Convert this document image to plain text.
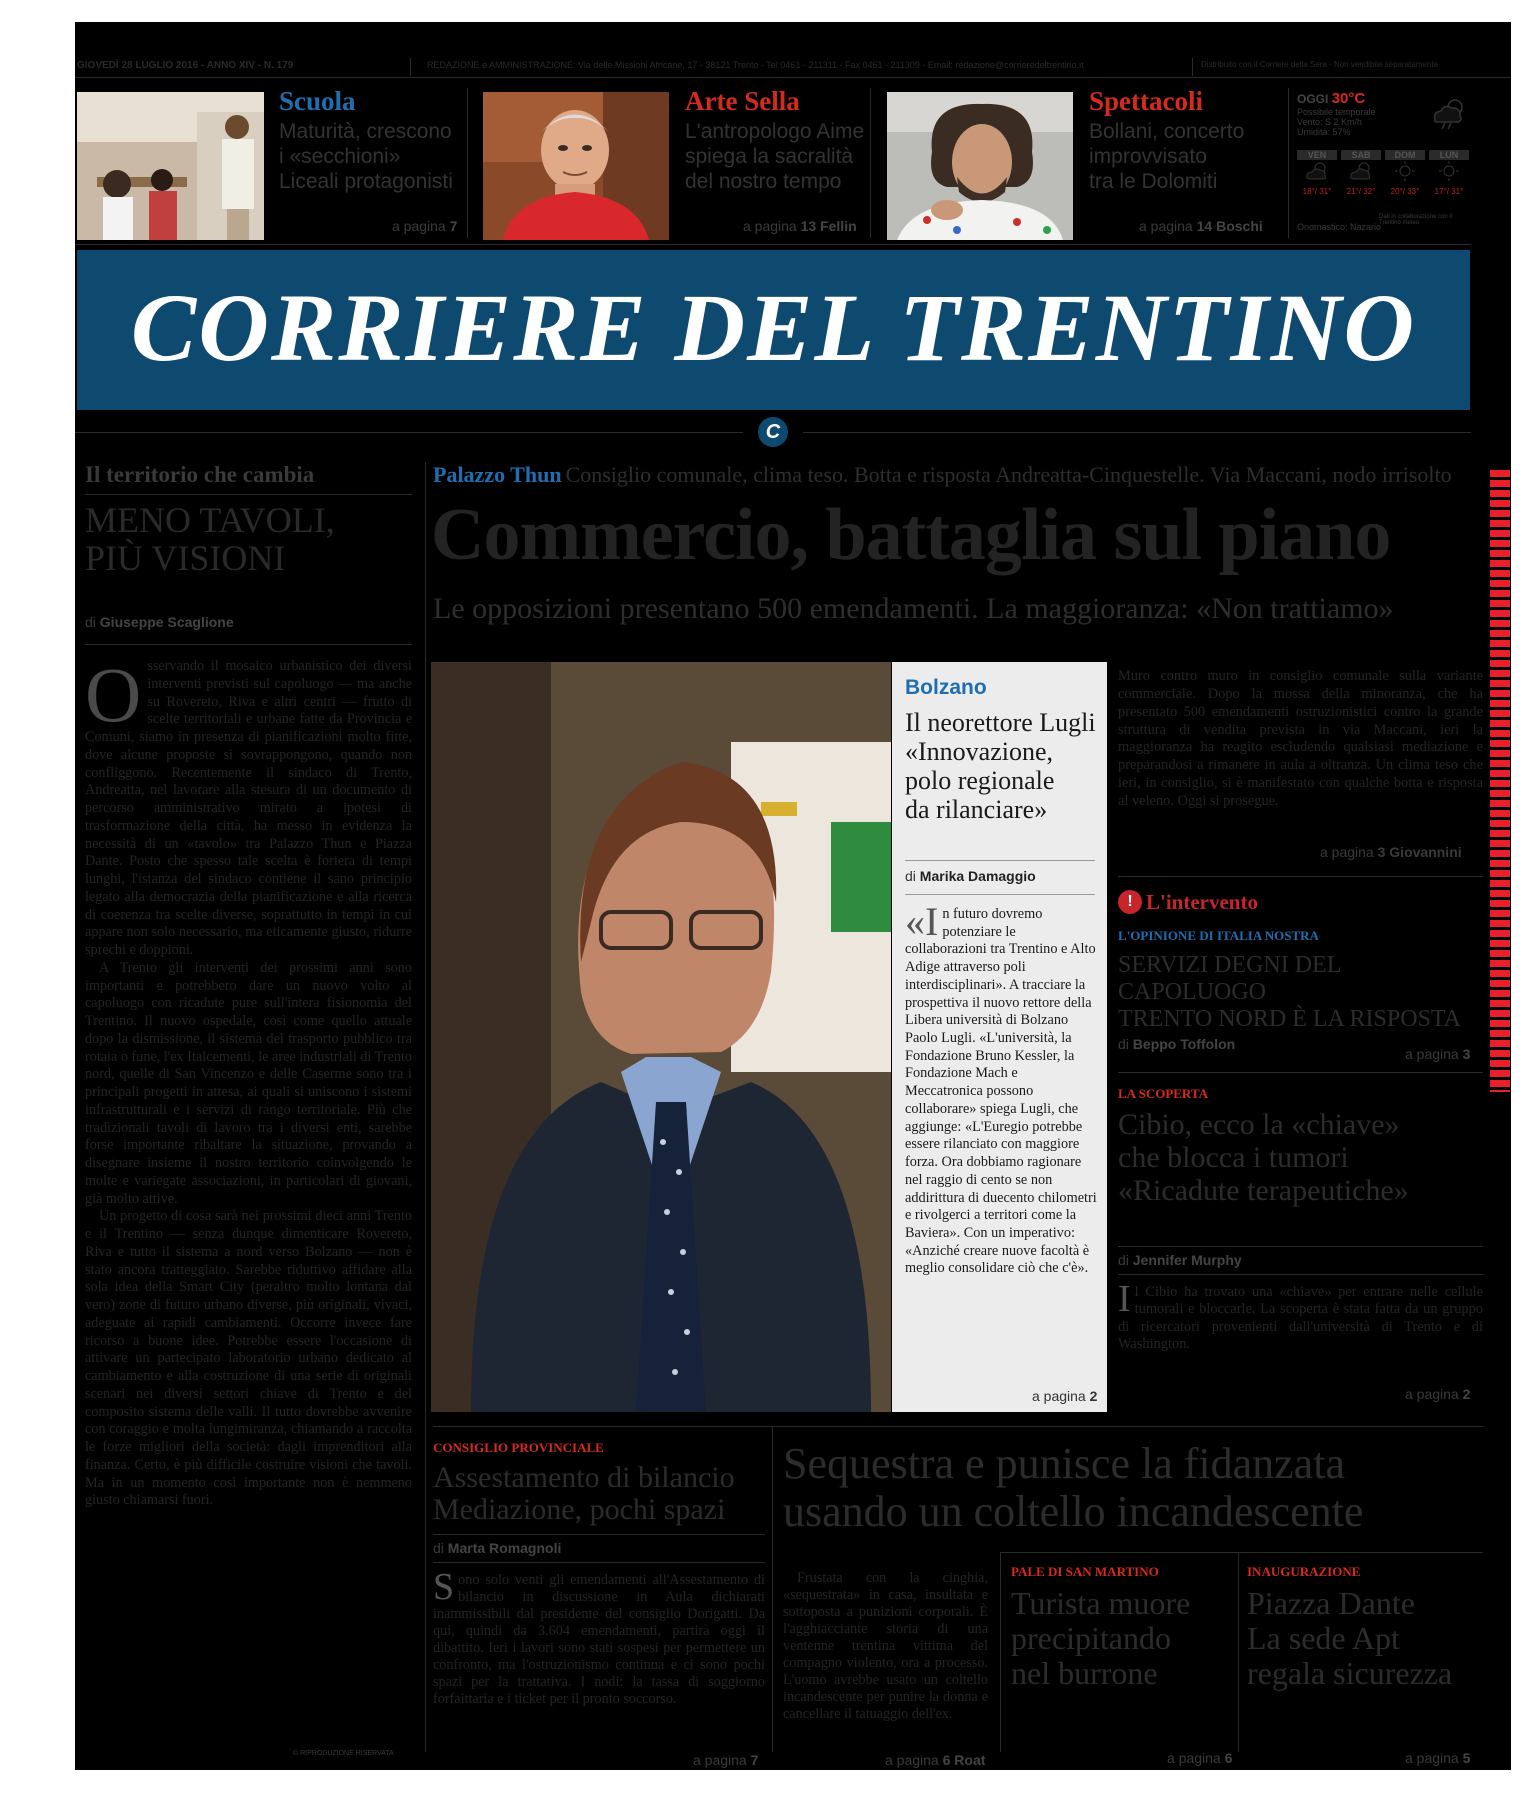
GIOVEDÌ 28 LUGLIO 2016 - ANNO XIV - N. 179	REDAZIONE e AMMINISTRAZIONE: Via delle Missioni Africane, 17 - 38121 Trento - Tel 0461 - 211311 - Fax 0461 - 211309 - Email: redazione@corrieredeltrentino.it	Distribuito con il Corriere della Sera - Non vendibile separatamente
Scuola
Maturità, crescono
i «secchioni»
Liceali protagonisti
a pagina 7
Arte Sella
L'antropologo Aime
spiega la sacralità
del nostro tempo
a pagina 13 Fellin
Spettacoli
Bollani, concerto
improvvisato
tra le Dolomiti
a pagina 14 Boschi
OGGI 30°C
Possibile temporale
Vento: S 2 Km/h
Umidità: 57%
VEN
18°/ 31°
SAB
21°/ 32°
DOM
20°/ 33°
LUN
17°/ 31°
Dati in collaborazione con il Trentino meteo
Onomastico: Nazario
CORRIERE DEL TRENTINO
C
Il territorio che cambia
MENO TAVOLI,
PIÙ VISIONI
di Giuseppe Scaglione
O sservando il mosaico urbanistico dei diversi interventi previsti sul capoluogo — ma anche su Rovereto, Riva e altri centri — frutto di scelte territoriali e urbane fatte da Provincia e Comuni, siamo in presenza di pianificazioni molto fitte, dove alcune proposte si sovrappongono, quando non confliggono. Recentemente il sindaco di Trento, Andreatta, nel lavorare alla stesura di un documento di percorso amministrativo mirato a ipotesi di trasformazione della città, ha messo in evidenza la necessità di un «tavolo» tra Palazzo Thun e Piazza Dante. Posto che spesso tale scelta è foriera di tempi lunghi, l'istanza del sindaco contiene il sano principio legato alla democrazia della pianificazione e alla ricerca di coerenza tra scelte diverse, soprattutto in tempi in cui appare non solo necessario, ma eticamente giusto, ridurre sprechi e doppioni.
A Trento gli interventi dei prossimi anni sono importanti e potrebbero dare un nuovo volto al capoluogo con ricadute pure sull'intera fisionomia del Trentino. Il nuovo ospedale, così come quello attuale dopo la dismissione, il sistema del trasporto pubblico tra rotaia o fune, l'ex Italcementi, le aree industriali di Trento nord, quelle di San Vincenzo e delle Caserme sono tra i principali progetti in attesa, ai quali si uniscono i sistemi infrastrutturali e i servizi di rango territoriale. Più che tradizionali tavoli di lavoro tra i diversi enti, sarebbe forse importante ribaltare la situazione, provando a disegnare insieme il nostro territorio coinvolgendo le molte e variegate associazioni, in particolari di giovani, già molto attive.
Un progetto di cosa sarà nei prossimi dieci anni Trento e il Trentino — senza dunque dimenticare Rovereto, Riva e tutto il sistema a nord verso Bolzano — non è stato ancora tratteggiato. Sarebbe riduttivo affidare alla sola idea della Smart City (peraltro molto lontana dal vero) zone di futuro urbano diverse, più originali, vivaci, adeguate ai rapidi cambiamenti. Occorre invece fare ricorso a buone idee. Potrebbe essere l'occasione di attivare un partecipato laboratorio urbano dedicato al cambiamento e alla costruzione di una serie di originali scenari nei diversi settori chiave di Trento e del composito sistema delle valli. Il tutto dovrebbe avvenire con coraggio e molta lungimiranza, chiamando a raccolta le forze migliori della società: dagli imprenditori alla finanza. Certo, è più difficile costruire visioni che tavoli. Ma in un momento così importante non è nemmeno giusto chiamarsi fuori.
© RIPRODUZIONE RISERVATA
Palazzo Thun Consiglio comunale, clima teso. Botta e risposta Andreatta-Cinquestelle. Via Maccani, nodo irrisolto
Commercio, battaglia sul piano
Le opposizioni presentano 500 emendamenti. La maggioranza: «Non trattiamo»
Bolzano
Il neorettore Lugli
«Innovazione,
polo regionale
da rilanciare»
di Marika Damaggio
«I n futuro dovremo potenziare le collaborazioni tra Trentino e Alto Adige attraverso poli interdisciplinari». A tracciare la prospettiva il nuovo rettore della Libera università di Bolzano Paolo Lugli. «L'università, la Fondazione Bruno Kessler, la Fondazione Mach e Meccatronica possono collaborare» spiega Lugli, che aggiunge: «L'Euregio potrebbe essere rilanciato con maggiore forza. Ora dobbiamo ragionare nel raggio di cento se non addirittura di duecento chilometri e rivolgerci a territori come la Baviera». Con un imperativo: «Anziché creare nuove facoltà è meglio consolidare ciò che c'è».
a pagina 2
Muro contro muro in consiglio comunale sulla variante commerciale. Dopo la mossa della minoranza, che ha presentato 500 emendamenti ostruzionistici contro la grande struttura di vendita prevista in via Maccani, ieri la maggioranza ha reagito escludendo qualsiasi mediazione e preparandosi a rimanere in aula a oltranza. Un clima teso che ieri, in consiglio, si è manifestato con qualche botta e risposta al veleno. Oggi si prosegue.
a pagina 3 Giovannini
! L'intervento
L'OPINIONE DI ITALIA NOSTRA
SERVIZI DEGNI DEL CAPOLUOGO
TRENTO NORD È LA RISPOSTA
di Beppo Toffolon
a pagina 3
LA SCOPERTA
Cibio, ecco la «chiave»
che blocca i tumori
«Ricadute terapeutiche»
di Jennifer Murphy
I l Cibio ha trovato una «chiave» per entrare nelle cellule tumorali e bloccarle. La scoperta è stata fatta da un gruppo di ricercatori provenienti dall'università di Trento e di Washington.
a pagina 2
CONSIGLIO PROVINCIALE
Assestamento di bilancio
Mediazione, pochi spazi
di Marta Romagnoli
S ono solo venti gli emendamenti all'Assestamento di bilancio in discussione in Aula dichiarati inammissibili dal presidente del consiglio Dorigatti. Da qui, quindi da 3.604 emendamenti, partirà oggi il dibattito. Ieri i lavori sono stati sospesi per permettere un confronto, ma l'ostruzionismo continua e ci sono pochi spazi per la trattativa. I nodi: la tassa di soggiorno forfaittaria e i ticket per il pronto soccorso.
a pagina 7
Sequestra e punisce la fidanzata
usando un coltello incandescente
Frustata con la cinghia, «sequestrata» in casa, insultata e sottoposta a punizioni corporali. È l'agghiacciante storia di una ventenne trentina vittima del compagno violento, ora a processo. L'uomo avrebbe usato un coltello incandescente per punire la donna e cancellare il tatuaggio dell'ex.
a pagina 6 Roat
PALE DI SAN MARTINO
Turista muore
precipitando
nel burrone
a pagina 6
INAUGURAZIONE
Piazza Dante
La sede Apt
regala sicurezza
a pagina 5
